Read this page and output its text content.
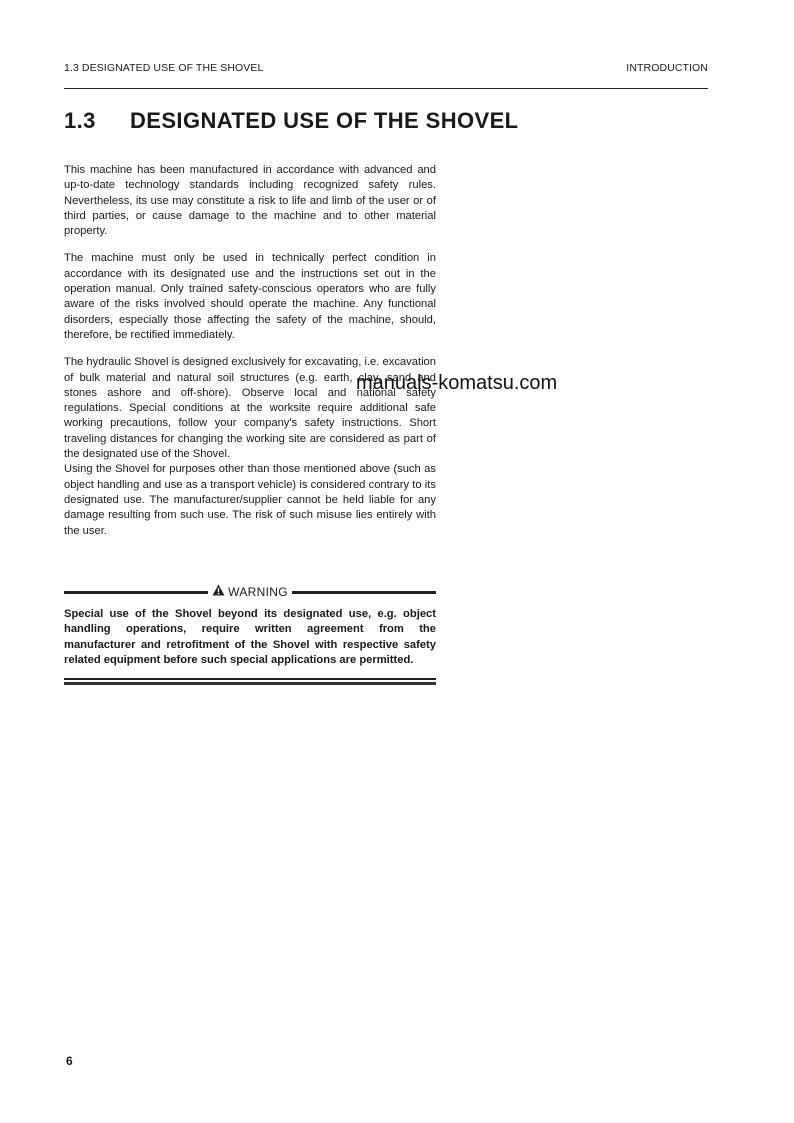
1.3 DESIGNATED USE OF THE SHOVEL	INTRODUCTION
1.3 DESIGNATED USE OF THE SHOVEL

This machine has been manufactured in accordance with advanced and up-to-date technology standards including recognized safety rules. Nevertheless, its use may constitute a risk to life and limb of the user or of third parties, or cause damage to the machine and to other material property.

The machine must only be used in technically perfect condition in accordance with its designated use and the instructions set out in the operation manual. Only trained safety-conscious operators who are fully aware of the risks involved should operate the machine. Any functional disorders, especially those affecting the safety of the machine, should, therefore, be rectified immediately.

The hydraulic Shovel is designed exclusively for excavating, i.e. excavation of bulk material and natural soil structures (e.g. earth, clay, sand and stones ashore and off-shore). Observe local and national safety regulations. Special conditions at the worksite require additional safe working precautions, follow your company's safety instructions. Short traveling distances for changing the working site are considered as part of the designated use of the Shovel.

Using the Shovel for purposes other than those mentioned above (such as object handling and use as a transport vehicle) is considered contrary to its designated use. The manufacturer/supplier cannot be held liable for any damage resulting from such use. The risk of such misuse lies entirely with the user.

manuals-komatsu.com
WARNING
Special use of the Shovel beyond its designated use, e.g. object handling operations, require written agreement from the manufacturer and retrofitment of the Shovel with respective safety related equipment before such special applications are permitted.
6
